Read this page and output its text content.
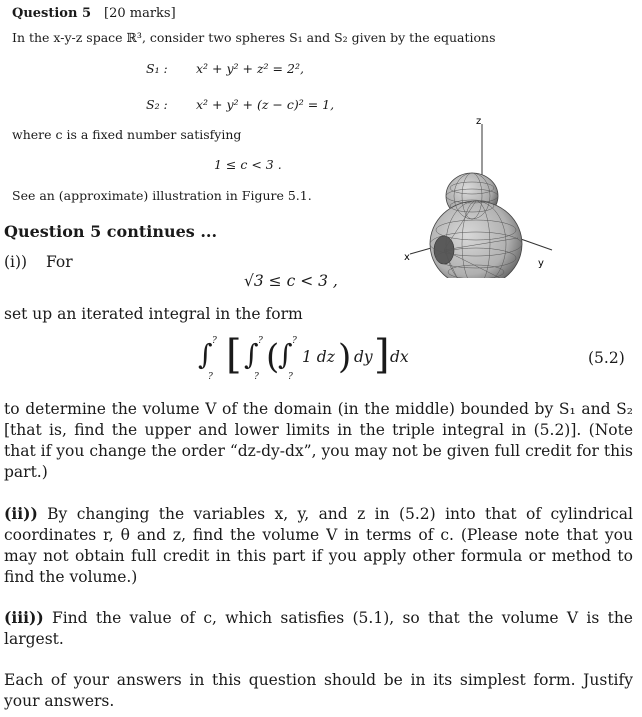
Question 5 [20 marks]
In the x-y-z space ℝ³, consider two spheres S₁ and S₂ given by the equations
S₁ : x² + y² + z² = 2²,
S₂ : x² + y² + (z − c)² = 1,
where c is a fixed number satisfying
1 ≤ c < 3 .
See an (approximate) illustration in Figure 5.1.
z
x
y
Question 5 continues ...
(i)) For
√3 ≤ c < 3 ,
set up an iterated integral in the form
∫ ?
? [ ∫ ?
? (
∫ ?
?
1 dz ) dy ] dx	(5.2)
to determine the volume V of the domain (in the middle) bounded by S₁ and S₂ [that is, find the upper and lower limits in the triple integral in (5.2)]. (Note that if you change the order “dz-dy-dx”, you may not be given full credit for this part.)
(ii)) By changing the variables x, y, and z in (5.2) into that of cylindrical coordinates r, θ and z, find the volume V in terms of c. (Please note that you may not obtain full credit in this part if you apply other formula or method to find the volume.)
(iii)) Find the value of c, which satisfies (5.1), so that the volume V is the largest.
Each of your answers in this question should be in its simplest form. Justify your answers.
